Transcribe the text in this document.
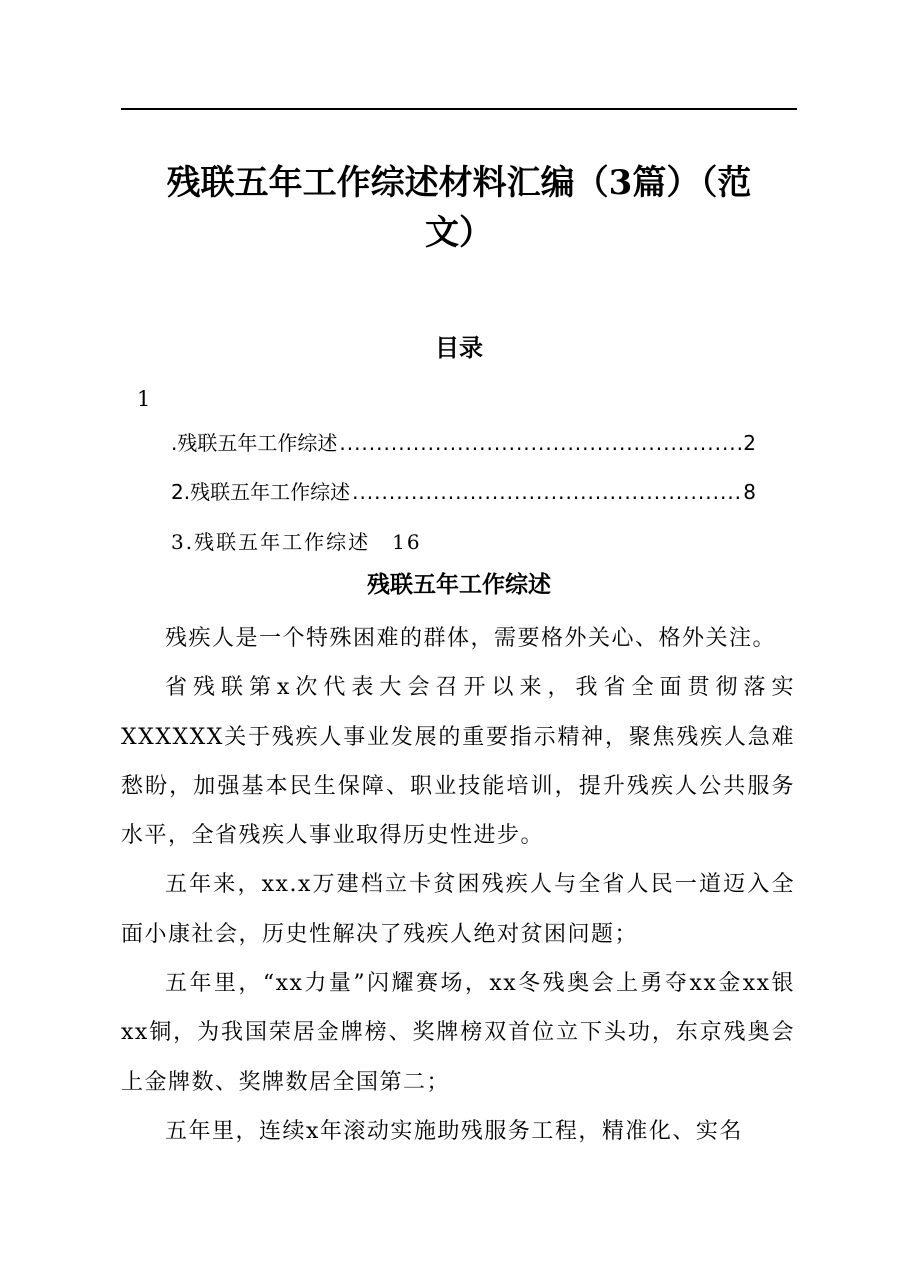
残联五年工作综述材料汇编（3篇）（范
文）
目录
1
.残联五年工作综述 .....	2
2.残联五年工作综述 .....	8
3.残联五年工作综述 16
残联五年工作综述

残疾人是一个特殊困难的群体，需要格外关心、格外关注。

省残联第x次代表大会召开以来，我省全面贯彻落实XXXXXX关于残疾人事业发展的重要指示精神，聚焦残疾人急难愁盼，加强基本民生保障、职业技能培训，提升残疾人公共服务水平，全省残疾人事业取得历史性进步。

五年来，xx.x万建档立卡贫困残疾人与全省人民一道迈入全面小康社会，历史性解决了残疾人绝对贫困问题；

五年里，“xx力量”闪耀赛场，xx冬残奥会上勇夺xx金xx银xx铜，为我国荣居金牌榜、奖牌榜双首位立下头功，东京残奥会上金牌数、奖牌数居全国第二；

五年里，连续x年滚动实施助残服务工程，精准化、实名
